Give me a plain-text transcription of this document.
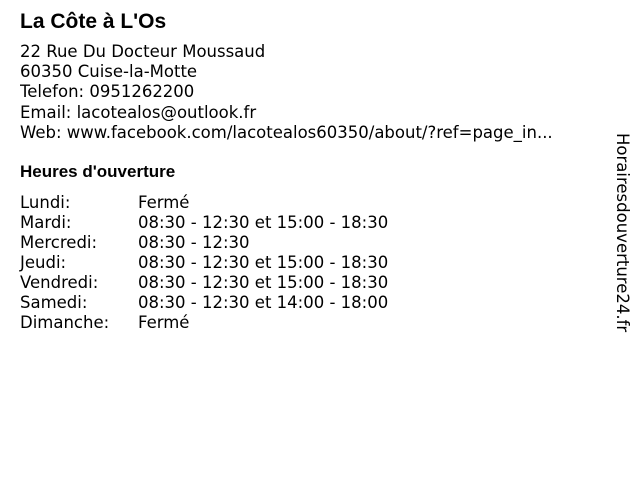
La Côte à L'Os
22 Rue Du Docteur Moussaud
60350 Cuise-la-Motte
Telefon: 0951262200
Email: lacotealos@outlook.fr
Web: www.facebook.com/lacotealos60350/about/?ref=page_in...
Heures d'ouverture
Lundi:	Fermé
Mardi:	08:30 - 12:30 et 15:00 - 18:30
Mercredi:	08:30 - 12:30
Jeudi:	08:30 - 12:30 et 15:00 - 18:30
Vendredi:	08:30 - 12:30 et 15:00 - 18:30
Samedi:	08:30 - 12:30 et 14:00 - 18:00
Dimanche:	Fermé	Horairesdouverture24.fr
